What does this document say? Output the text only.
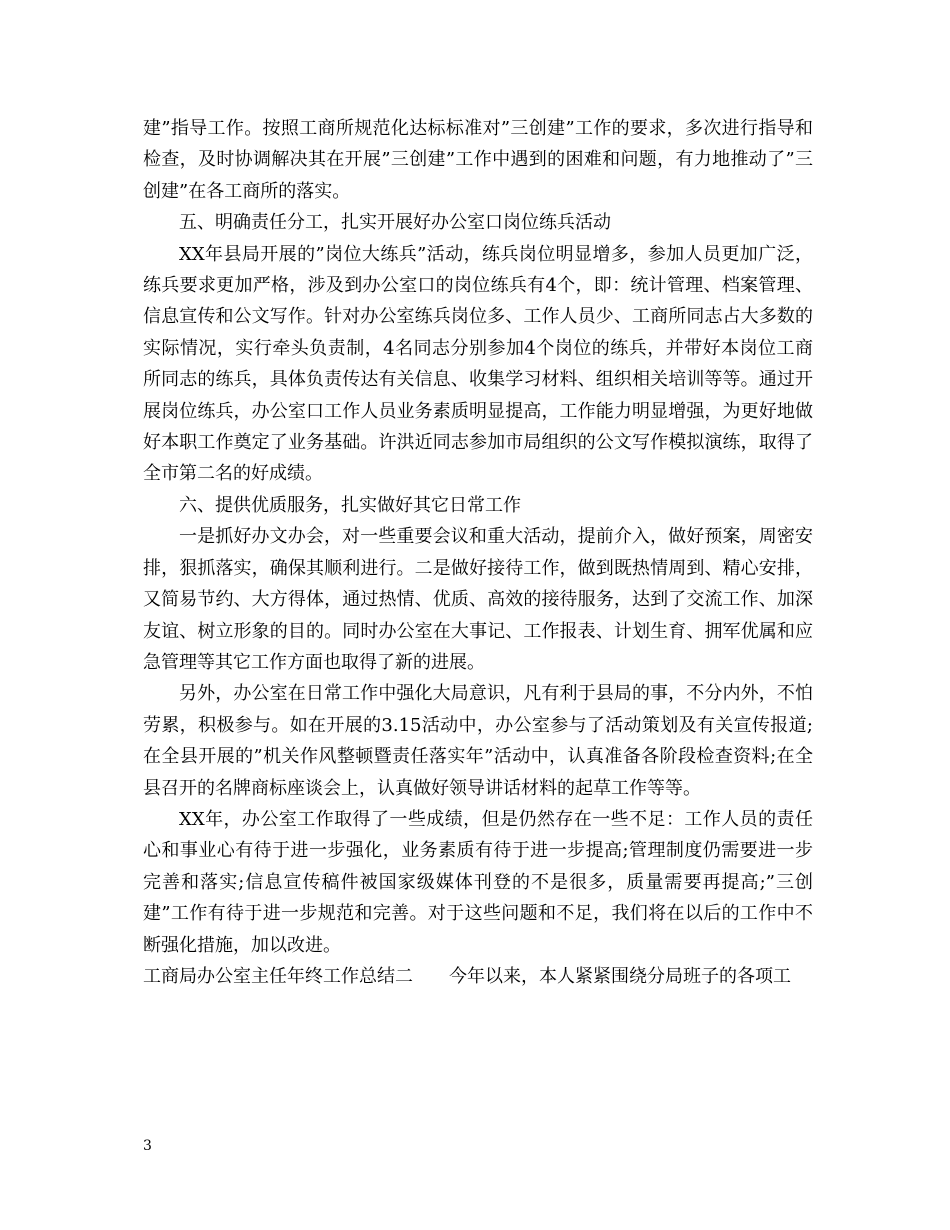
建”指导工作。按照工商所规范化达标标准对”三创建”工作的要求，多次进行指导和检查，及时协调解决其在开展”三创建”工作中遇到的困难和问题，有力地推动了”三创建”在各工商所的落实。

五、明确责任分工，扎实开展好办公室口岗位练兵活动

XX年县局开展的”岗位大练兵”活动，练兵岗位明显增多，参加人员更加广泛，练兵要求更加严格，涉及到办公室口的岗位练兵有4个，即：统计管理、档案管理、信息宣传和公文写作。针对办公室练兵岗位多、工作人员少、工商所同志占大多数的实际情况，实行牵头负责制，4名同志分别参加4个岗位的练兵，并带好本岗位工商所同志的练兵，具体负责传达有关信息、收集学习材料、组织相关培训等等。通过开展岗位练兵，办公室口工作人员业务素质明显提高，工作能力明显增强，为更好地做好本职工作奠定了业务基础。许洪近同志参加市局组织的公文写作模拟演练，取得了全市第二名的好成绩。

六、提供优质服务，扎实做好其它日常工作

一是抓好办文办会，对一些重要会议和重大活动，提前介入，做好预案，周密安排，狠抓落实，确保其顺利进行。二是做好接待工作，做到既热情周到、精心安排，又简易节约、大方得体，通过热情、优质、高效的接待服务，达到了交流工作、加深友谊、树立形象的目的。同时办公室在大事记、工作报表、计划生育、拥军优属和应急管理等其它工作方面也取得了新的进展。

另外，办公室在日常工作中强化大局意识，凡有利于县局的事，不分内外，不怕劳累，积极参与。如在开展的3.15活动中，办公室参与了活动策划及有关宣传报道;在全县开展的”机关作风整顿暨责任落实年”活动中，认真准备各阶段检查资料;在全县召开的名牌商标座谈会上，认真做好领导讲话材料的起草工作等等。

XX年，办公室工作取得了一些成绩，但是仍然存在一些不足：工作人员的责任心和事业心有待于进一步强化，业务素质有待于进一步提高;管理制度仍需要进一步完善和落实;信息宣传稿件被国家级媒体刊登的不是很多，质量需要再提高;”三创建”工作有待于进一步规范和完善。对于这些问题和不足，我们将在以后的工作中不断强化措施，加以改进。

工商局办公室主任年终工作总结二　　今年以来，本人紧紧围绕分局班子的各项工

3
